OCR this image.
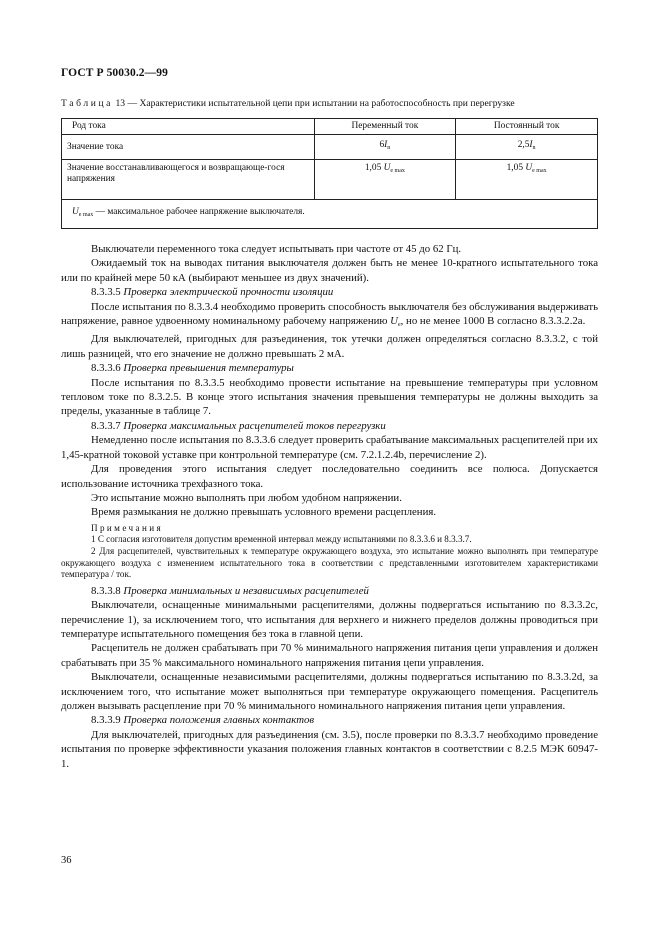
ГОСТ Р 50030.2—99
Таблица 13 — Характеристики испытательной цепи при испытании на работоспособность при перегрузке
Род тока	Переменный ток	Постоянный ток
Значение тока	$6I_n$	$2,5I_n$
Значение восстанавливающегося и возвращающе-гося напряжения	1,05 $U_{e max}$	1,05 $U_{e max}$
$U_{e max}$ — максимальное рабочее напряжение выключателя.		

Выключатели переменного тока следует испытывать при частоте от 45 до 62 Гц.

Ожидаемый ток на выводах питания выключателя должен быть не менее 10-кратного испытательного тока или по крайней мере 50 кА (выбирают меньшее из двух значений).

8.3.3.5 Проверка электрической прочности изоляции

После испытания по 8.3.3.4 необходимо проверить способность выключателя без обслуживания выдерживать напряжение, равное удвоенному номинальному рабочему напряжению $U_e$, но не менее 1000 В согласно 8.3.3.2.2а.

Для выключателей, пригодных для разъединения, ток утечки должен определяться согласно 8.3.3.2, с той лишь разницей, что его значение не должно превышать 2 мА.

8.3.3.6 Проверка превышения температуры

После испытания по 8.3.3.5 необходимо провести испытание на превышение температуры при условном тепловом токе по 8.3.2.5. В конце этого испытания значения превышения температуры не должны выходить за пределы, указанные в таблице 7.

8.3.3.7 Проверка максимальных расцепителей токов перегрузки

Немедленно после испытания по 8.3.3.6 следует проверить срабатывание максимальных расцепителей при их 1,45-кратной токовой уставке при контрольной температуре (см. 7.2.1.2.4b, перечисление 2).

Для проведения этого испытания следует последовательно соединить все полюса. Допускается использование источника трехфазного тока.

Это испытание можно выполнять при любом удобном напряжении.

Время размыкания не должно превышать условного времени расцепления.

Примечания

1 С согласия изготовителя допустим временной интервал между испытаниями по 8.3.3.6 и 8.3.3.7.

2 Для расцепителей, чувствительных к температуре окружающего воздуха, это испытание можно выполнять при температуре окружающего воздуха с изменением испытательного тока в соответствии с представленными изготовителем характеристиками температура / ток.

8.3.3.8 Проверка минимальных и независимых расцепителей

Выключатели, оснащенные минимальными расцепителями, должны подвергаться испытанию по 8.3.3.2с, перечисление 1), за исключением того, что испытания для верхнего и нижнего пределов должны проводиться при температуре испытательного помещения без тока в главной цепи.

Расцепитель не должен срабатывать при 70 % минимального напряжения питания цепи управления и должен срабатывать при 35 % максимального номинального напряжения питания цепи управления.

Выключатели, оснащенные независимыми расцепителями, должны подвергаться испытанию по 8.3.3.2d, за исключением того, что испытание может выполняться при температуре окружающего помещения. Расцепитель должен вызывать расцепление при 70 % минимального номинального напряжения питания цепи управления.

8.3.3.9 Проверка положения главных контактов

Для выключателей, пригодных для разъединения (см. 3.5), после проверки по 8.3.3.7 необходимо проведение испытания по проверке эффективности указания положения главных контактов в соответствии с 8.2.5 МЭК 60947-1.

36
